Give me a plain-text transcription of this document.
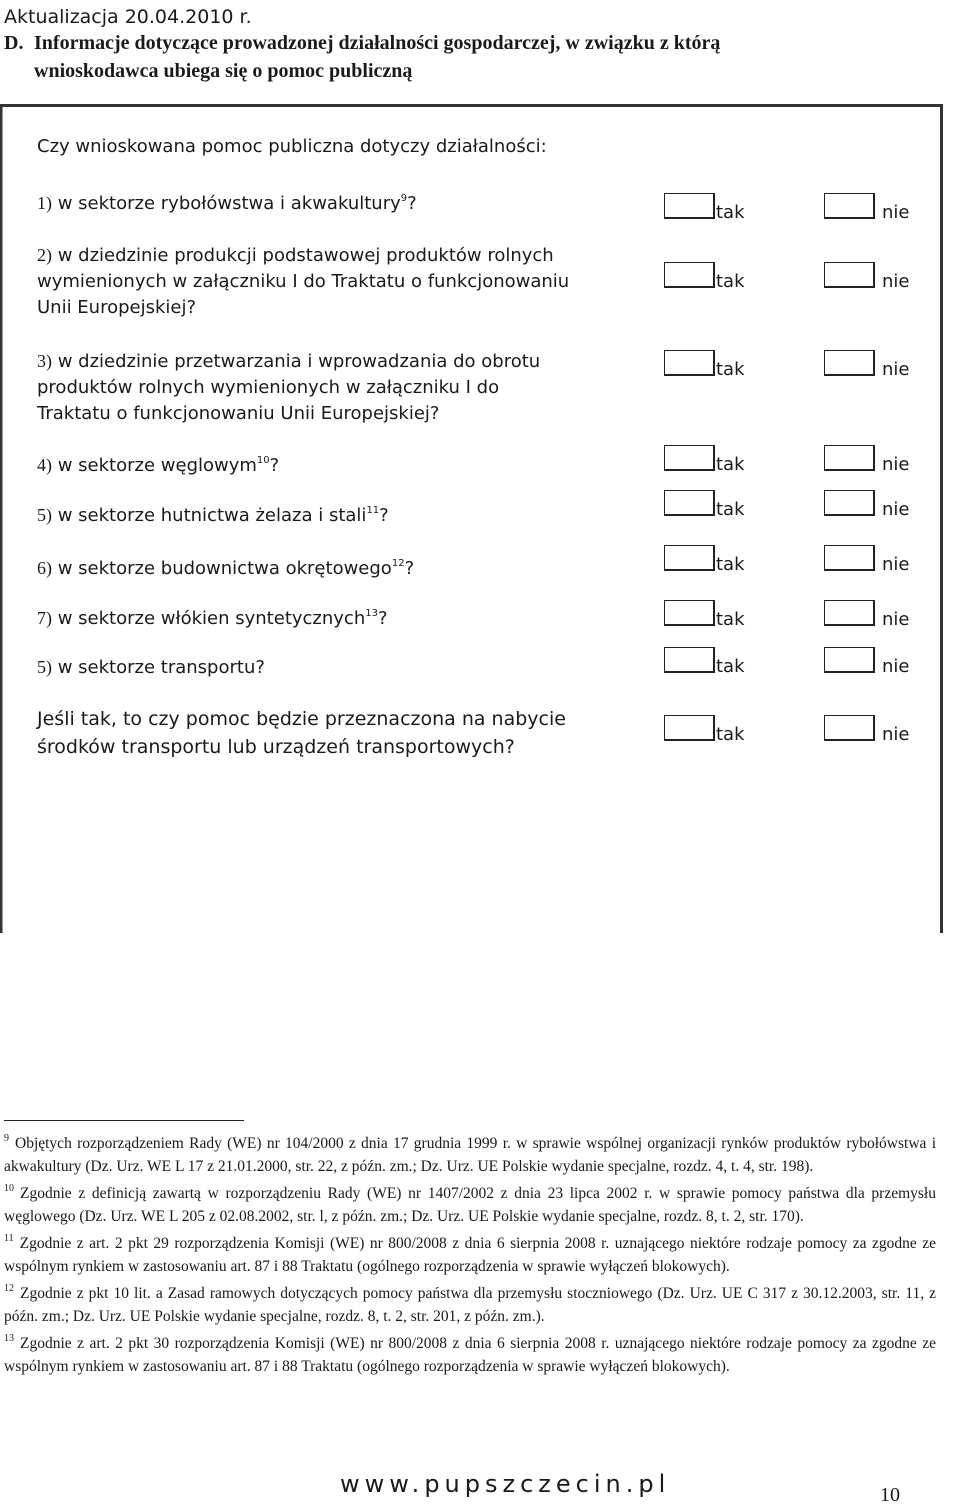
Aktualizacja 20.04.2010 r.
D. Informacje dotyczące prowadzonej działalności gospodarczej, w związku z którą
wnioskodawca ubiega się o pomoc publiczną
Czy wnioskowana pomoc publiczna dotyczy działalności:
1) w sektorze rybołówstwa i akwakultury$^9$?	tak	nie
2) w dziedzinie produkcji podstawowej produktów rolnych
wymienionych w załączniku I do Traktatu o funkcjonowaniu
Unii Europejskiej?
tak	nie
3) w dziedzinie przetwarzania i wprowadzania do obrotu
produktów rolnych wymienionych w załączniku I do
Traktatu o funkcjonowaniu Unii Europejskiej?
tak	nie
4) w sektorze węglowym$^{10}$?	tak	nie
5) w sektorze hutnictwa żelaza i stali$^{11}$?	tak	nie
6) w sektorze budownictwa okrętowego$^{12}$?	tak	nie
7) w sektorze włókien syntetycznych$^{13}$?	tak	nie
5) w sektorze transportu?	tak	nie
Jeśli tak, to czy pomoc będzie przeznaczona na nabycie
środków transportu lub urządzeń transportowych?
tak	nie
$^9$ Objętych rozporządzeniem Rady (WE) nr 104/2000 z dnia 17 grudnia 1999 r. w sprawie wspólnej organizacji rynków produktów rybołówstwa i akwakultury (Dz. Urz. WE L 17 z 21.01.2000, str. 22, z późn. zm.; Dz. Urz. UE Polskie wydanie specjalne, rozdz. 4, t. 4, str. 198).
$^{10}$ Zgodnie z definicją zawartą w rozporządzeniu Rady (WE) nr 1407/2002 z dnia 23 lipca 2002 r. w sprawie pomocy państwa dla przemysłu węglowego (Dz. Urz. WE L 205 z 02.08.2002, str. l, z późn. zm.; Dz. Urz. UE Polskie wydanie specjalne, rozdz. 8, t. 2, str. 170).
$^{11}$ Zgodnie z art. 2 pkt 29 rozporządzenia Komisji (WE) nr 800/2008 z dnia 6 sierpnia 2008 r. uznającego niektóre rodzaje pomocy za zgodne ze wspólnym rynkiem w zastosowaniu art. 87 i 88 Traktatu (ogólnego rozporządzenia w sprawie wyłączeń blokowych).
$^{12}$ Zgodnie z pkt 10 lit. a Zasad ramowych dotyczących pomocy państwa dla przemysłu stoczniowego (Dz. Urz. UE C 317 z 30.12.2003, str. 11, z późn. zm.; Dz. Urz. UE Polskie wydanie specjalne, rozdz. 8, t. 2, str. 201, z późn. zm.).
$^{13}$ Zgodnie z art. 2 pkt 30 rozporządzenia Komisji (WE) nr 800/2008 z dnia 6 sierpnia 2008 r. uznającego niektóre rodzaje pomocy za zgodne ze wspólnym rynkiem w zastosowaniu art. 87 i 88 Traktatu (ogólnego rozporządzenia w sprawie wyłączeń blokowych).
www.pupszczecin.pl	10
